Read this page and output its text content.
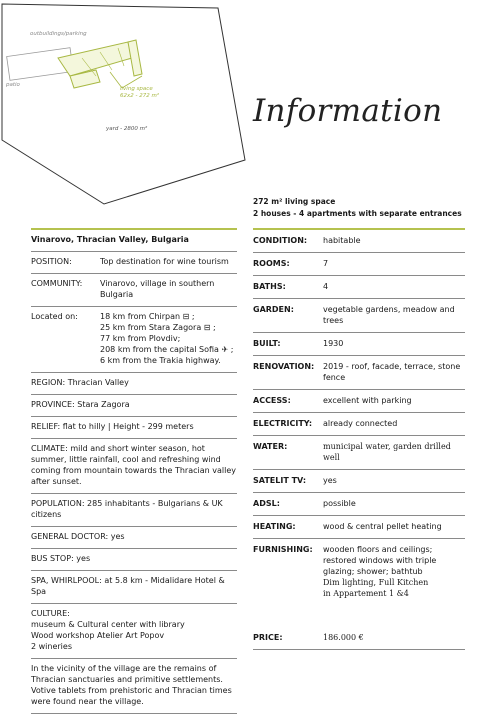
outbuildings/parking
patio
living space
62x2 - 272 m²
yard - 2800 m²	Information
272 m² living space
2 houses - 4 apartments with separate entrances
Vinarovo, Thracian Valley, Bulgaria
POSITION:	Top destination for wine tourism
COMMUNITY:	Vinarovo, village in southern Bulgaria
Located on:	18 km from Chirpan ⊟ ;
25 km from Stara Zagora ⊟ ;
77 km from Plovdiv;
208 km from the capital Sofia ✈ ;
6 km from the Trakia highway.
REGION: Thracian Valley
PROVINCE: Stara Zagora
RELIEF: flat to hilly | Height - 299 meters
CLIMATE: mild and short winter season, hot summer, little rainfall, cool and refreshing wind coming from mountain towards the Thracian valley after sunset.
POPULATION: 285 inhabitants - Bulgarians & UK citizens
GENERAL DOCTOR: yes
BUS STOP: yes
SPA, WHIRLPOOL: at 5.8 km - Midalidare Hotel & Spa
CULTURE:
museum & Cultural center with library
Wood workshop Atelier Art Popov
2 wineries
In the vicinity of the village are the remains of Thracian sanctuaries and primitive settlements. Votive tablets from prehistoric and Thracian times were found near the village.
CONDITION:	habitable
ROOMS:	7
BATHS:	4
GARDEN:	vegetable gardens, meadow and trees
BUILT:	1930
RENOVATION:	2019 - roof, facade, terrace, stone fence
ACCESS:	excellent with parking
ELECTRICITY:	already connected
WATER:	municipal water, garden drilled well
SATELIT TV:	yes
ADSL:	possible
HEATING:	wood & central pellet heating
FURNISHING:	wooden floors and ceilings;
restored windows with triple
glazing; shower; bathtub
Dim lighting, Full Kitchen
in Appartement 1 &4
PRICE:	186.000 €
